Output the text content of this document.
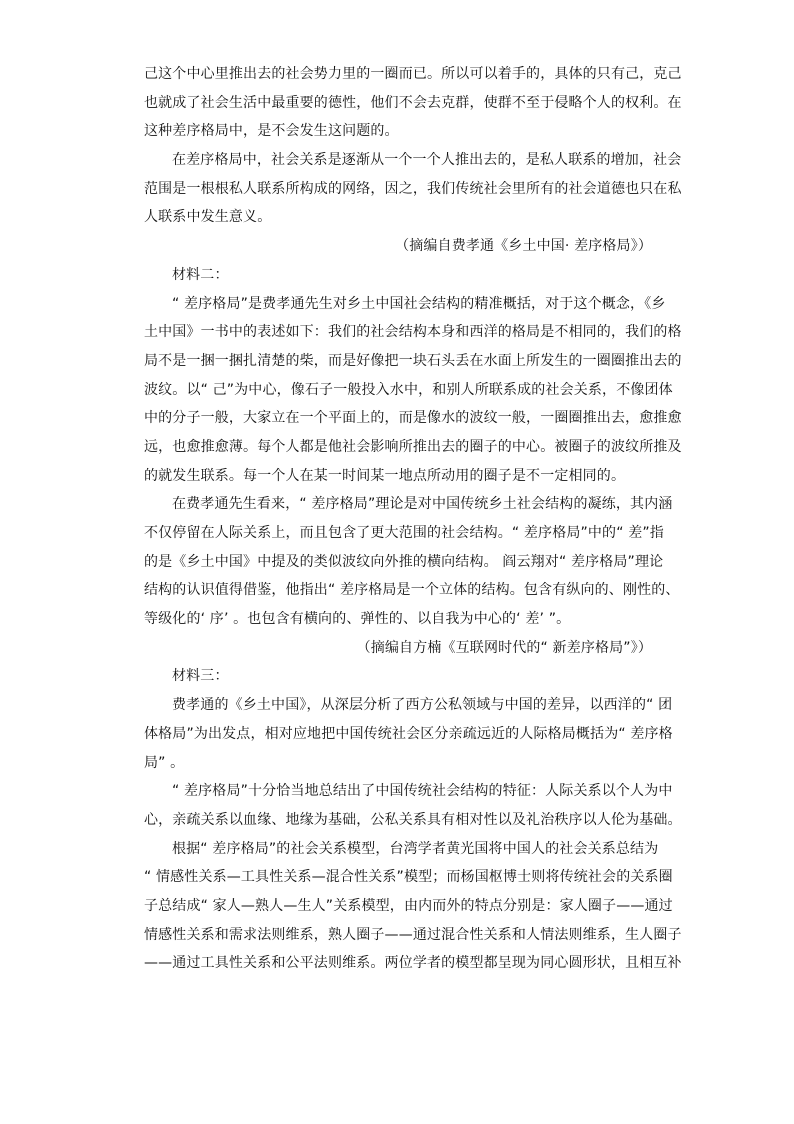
己这个中心里推出去的社会势力里的一圈而已。所以可以着手的，具体的只有己，克己
也就成了社会生活中最重要的德性，他们不会去克群，使群不至于侵略个人的权利。在
这种差序格局中，是不会发生这问题的。
在差序格局中，社会关系是逐渐从一个一个人推出去的，是私人联系的增加，社会
范围是一根根私人联系所构成的网络，因之，我们传统社会里所有的社会道德也只在私
人联系中发生意义。
（摘编自费孝通《乡土中国· 差序格局》）
材料二：
“ 差序格局”是费孝通先生对乡土中国社会结构的精准概括，对于这个概念，《乡
土中国》一书中的表述如下：我们的社会结构本身和西洋的格局是不相同的，我们的格
局不是一捆一捆扎清楚的柴，而是好像把一块石头丢在水面上所发生的一圈圈推出去的
波纹。以“ 己”为中心，像石子一般投入水中，和别人所联系成的社会关系，不像团体
中的分子一般，大家立在一个平面上的，而是像水的波纹一般，一圈圈推出去，愈推愈
远，也愈推愈薄。每个人都是他社会影响所推出去的圈子的中心。被圈子的波纹所推及
的就发生联系。每一个人在某一时间某一地点所动用的圈子是不一定相同的。
在费孝通先生看来，“ 差序格局”理论是对中国传统乡土社会结构的凝练，其内涵
不仅停留在人际关系上，而且包含了更大范围的社会结构。“ 差序格局”中的“ 差”指
的是《乡土中国》中提及的类似波纹向外推的横向结构。 阎云翔对“ 差序格局”理论
结构的认识值得借鉴，他指出“ 差序格局是一个立体的结构。包含有纵向的、刚性的、
等级化的‘ 序’ 。也包含有横向的、弹性的、以自我为中心的‘ 差’ ”。
（摘编自方楠《互联网时代的“ 新差序格局”》）
材料三：
费孝通的《乡土中国》，从深层分析了西方公私领域与中国的差异，以西洋的“ 团
体格局”为出发点，相对应地把中国传统社会区分亲疏远近的人际格局概括为“ 差序格
局” 。
“ 差序格局”十分恰当地总结出了中国传统社会结构的特征：人际关系以个人为中
心，亲疏关系以血缘、地缘为基础，公私关系具有相对性以及礼治秩序以人伦为基础。
根据“ 差序格局”的社会关系模型，台湾学者黄光国将中国人的社会关系总结为
“ 情感性关系—工具性关系—混合性关系”模型；而杨国枢博士则将传统社会的关系圈
子总结成“ 家人—熟人—生人”关系模型，由内而外的特点分别是：家人圈子——通过
情感性关系和需求法则维系，熟人圈子——通过混合性关系和人情法则维系，生人圈子
——通过工具性关系和公平法则维系。两位学者的模型都呈现为同心圆形状，且相互补
